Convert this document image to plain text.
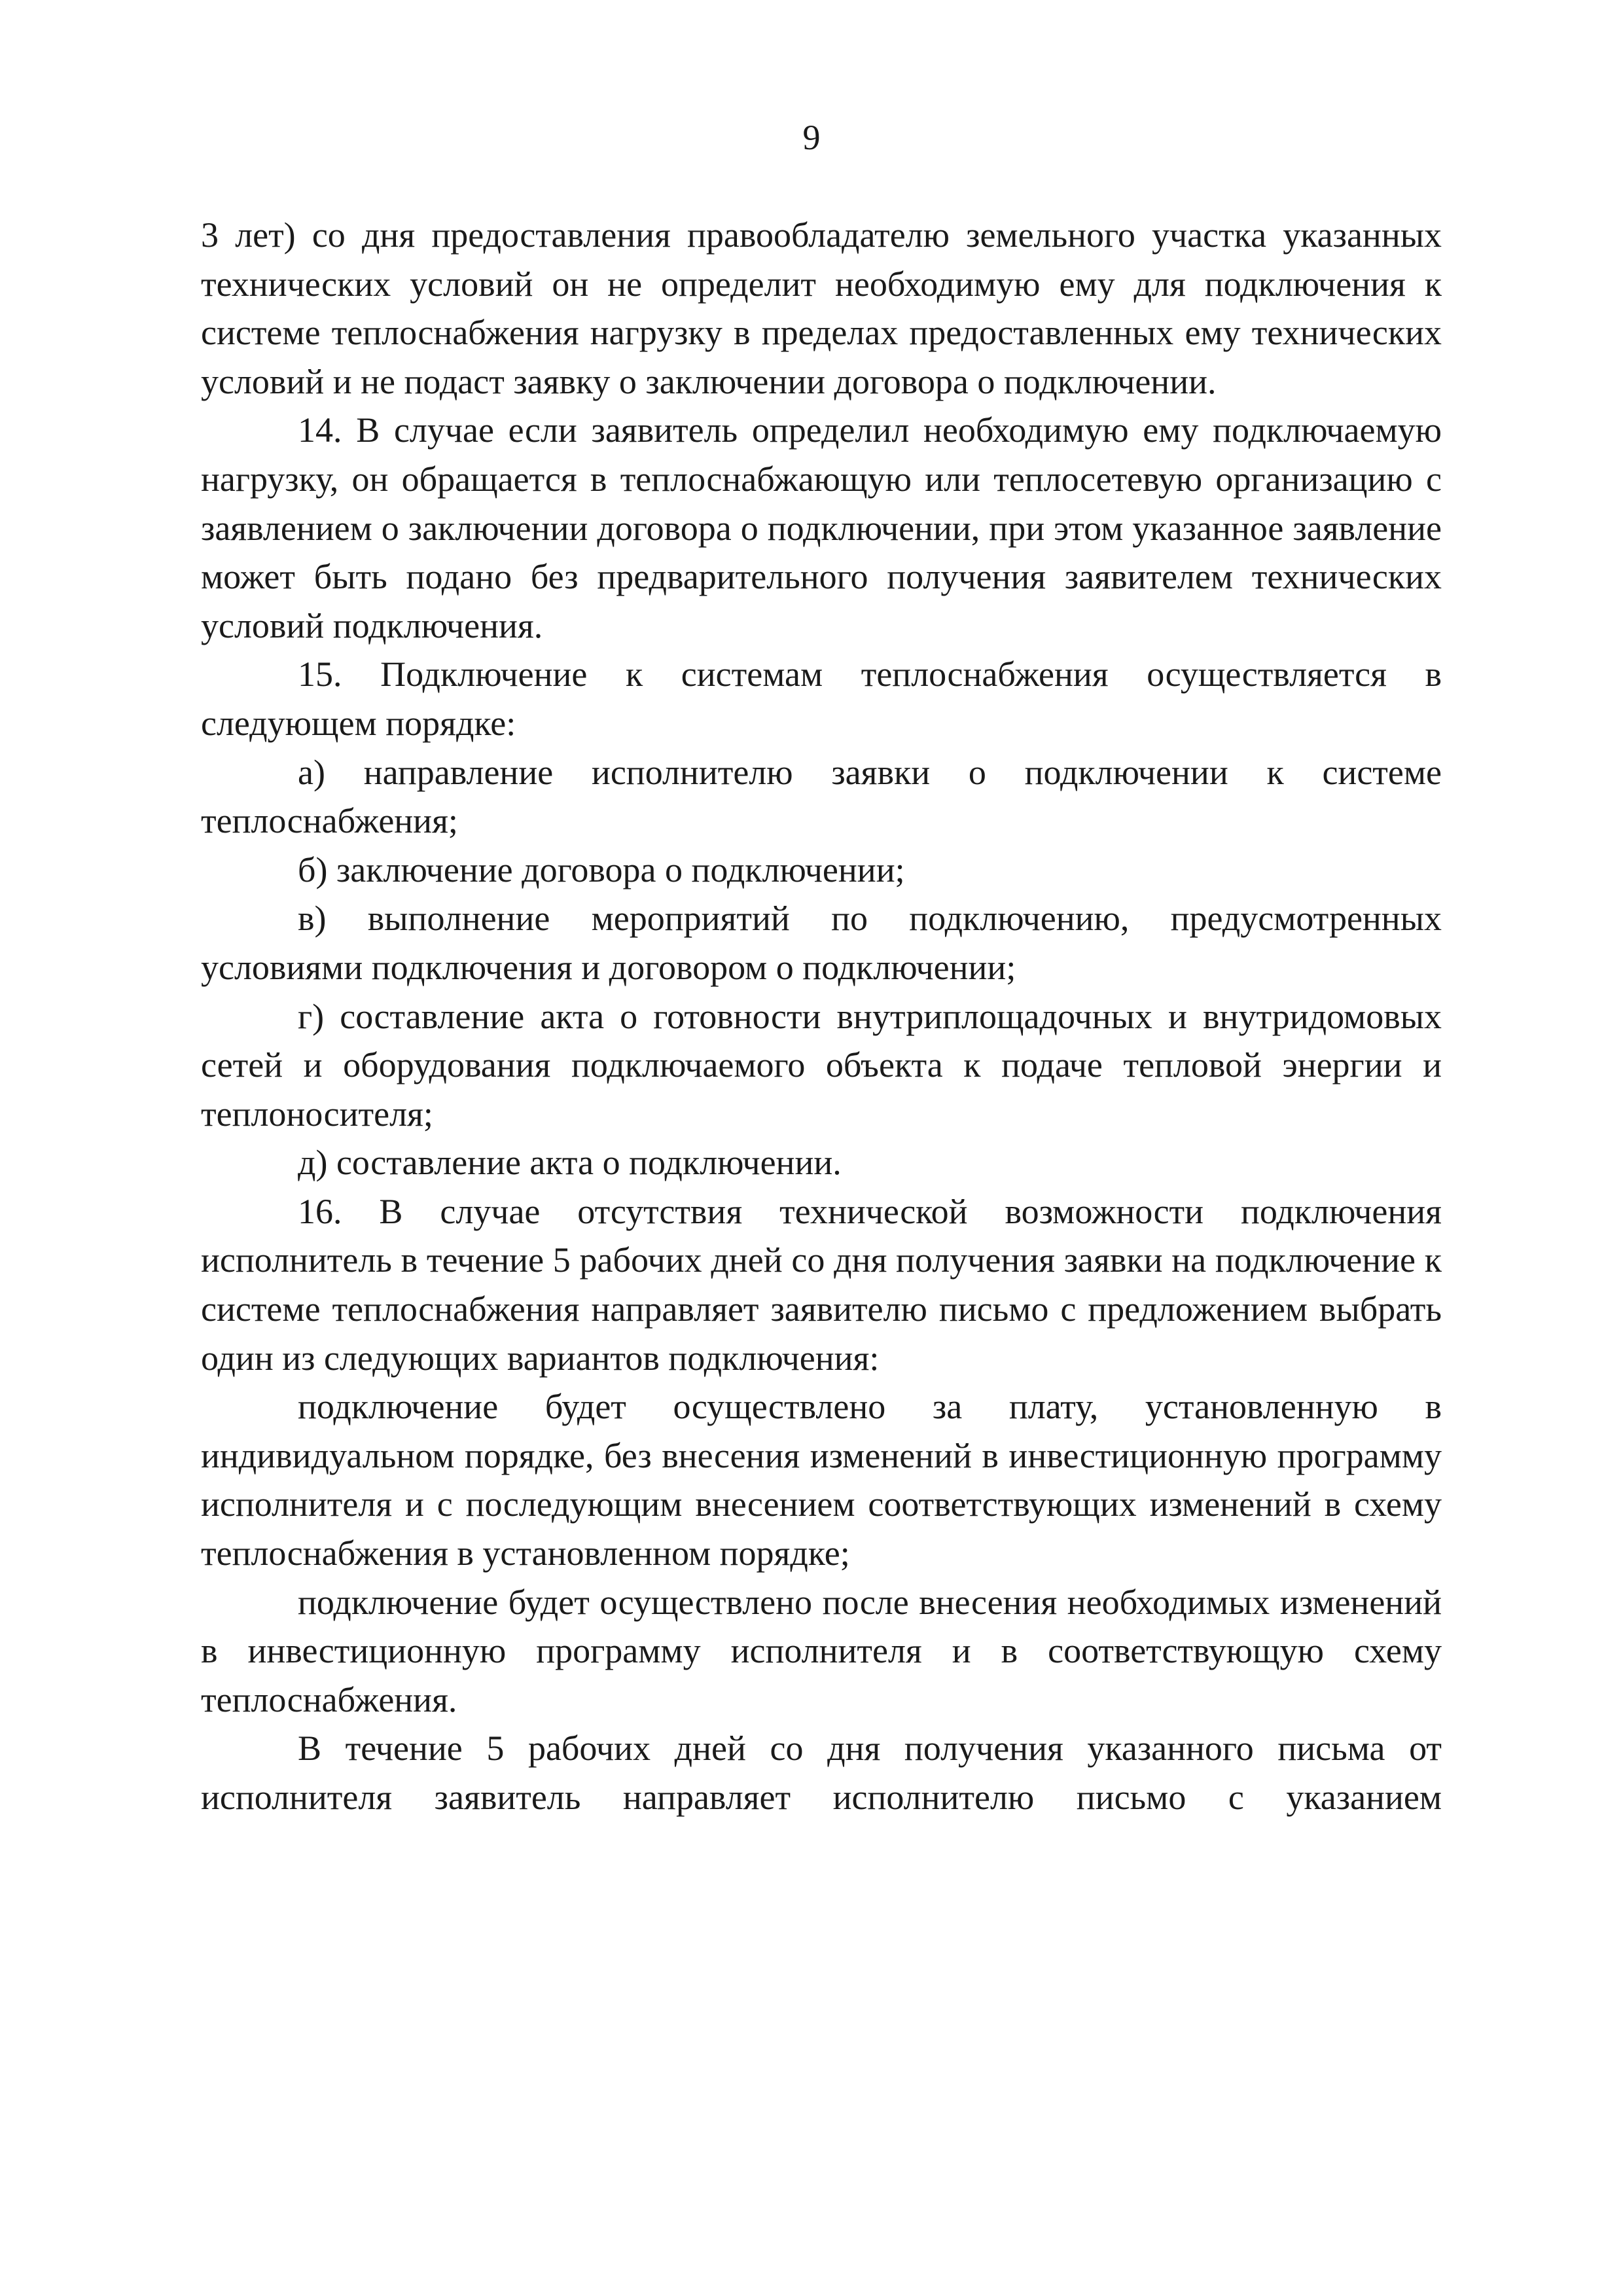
9

3 лет) со дня предоставления правообладателю земельного участка указанных технических условий он не определит необходимую ему для подключения к системе теплоснабжения нагрузку в пределах предоставленных ему технических условий и не подаст заявку о заключении договора о подключении.

14. В случае если заявитель определил необходимую ему подключаемую нагрузку, он обращается в теплоснабжающую или теплосетевую организацию с заявлением о заключении договора о подключении, при этом указанное заявление может быть подано без предварительного получения заявителем технических условий подключения.

15. Подключение к системам теплоснабжения осуществляется в следующем порядке:

а) направление исполнителю заявки о подключении к системе теплоснабжения;

б) заключение договора о подключении;

в) выполнение мероприятий по подключению, предусмотренных условиями подключения и договором о подключении;

г) составление акта о готовности внутриплощадочных и внутридомовых сетей и оборудования подключаемого объекта к подаче тепловой энергии и теплоносителя;

д) составление акта о подключении.

16. В случае отсутствия технической возможности подключения исполнитель в течение 5 рабочих дней со дня получения заявки на подключение к системе теплоснабжения направляет заявителю письмо с предложением выбрать один из следующих вариантов подключения:

подключение будет осуществлено за плату, установленную в индивидуальном порядке, без внесения изменений в инвестиционную программу исполнителя и с последующим внесением соответствующих изменений в схему теплоснабжения в установленном порядке;

подключение будет осуществлено после внесения необходимых изменений в инвестиционную программу исполнителя и в соответствующую схему теплоснабжения.

В течение 5 рабочих дней со дня получения указанного письма от исполнителя заявитель направляет исполнителю письмо с указанием
